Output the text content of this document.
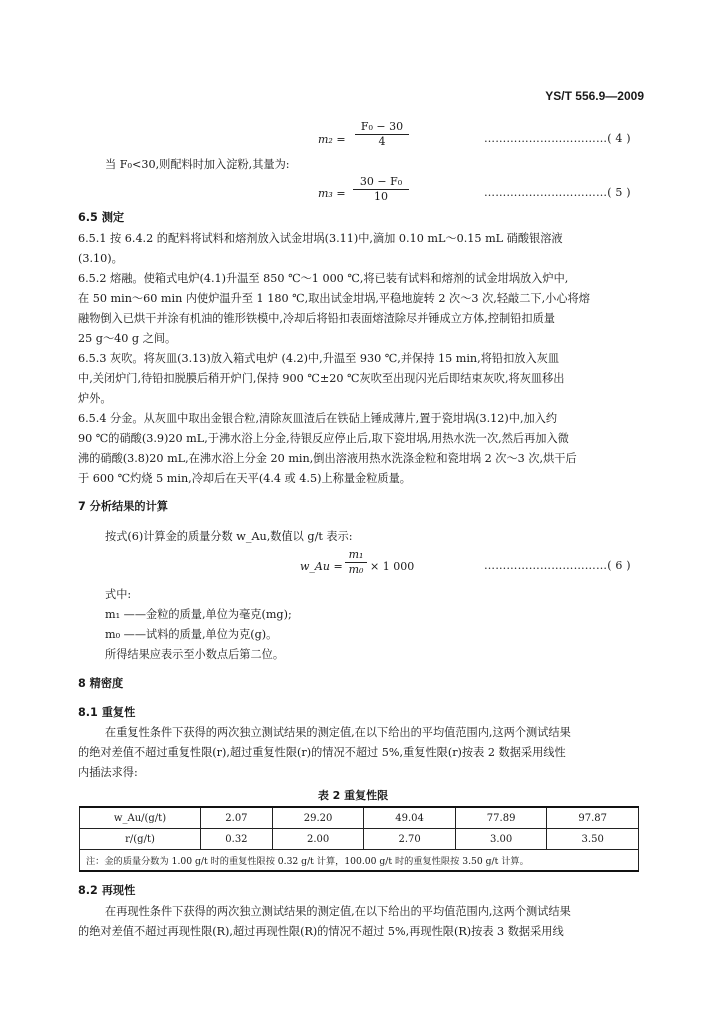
YS/T 556.9—2009
$m_2 = \frac{\text{F₀ − 30}}{4}$	……………………………( 4 )
当 F₀<30,则配料时加入淀粉,其量为:
$m_3 = \frac{\text{30 − F₀}}{10}$	……………………………( 5 )
6.5 测定
6.5.1 按 6.4.2 的配料将试料和熔剂放入试金坩埚(3.11)中,滴加 0.10 mL～0.15 mL 硝酸银溶液
(3.10)。
6.5.2 熔融。使箱式电炉(4.1)升温至 850 ℃～1 000 ℃,将已装有试料和熔剂的试金坩埚放入炉中,
在 50 min～60 min 内使炉温升至 1 180 ℃,取出试金坩埚,平稳地旋转 2 次～3 次,轻敲二下,小心将熔
融物倒入已烘干并涂有机油的锥形铁模中,冷却后将铅扣表面熔渣除尽并锤成立方体,控制铅扣质量
25 g～40 g 之间。
6.5.3 灰吹。将灰皿(3.13)放入箱式电炉 (4.2)中,升温至 930 ℃,并保持 15 min,将铅扣放入灰皿
中,关闭炉门,待铅扣脱膜后稍开炉门,保持 900 ℃±20 ℃灰吹至出现闪光后即结束灰吹,将灰皿移出
炉外。
6.5.4 分金。从灰皿中取出金银合粒,清除灰皿渣后在铁砧上锤成薄片,置于瓷坩埚(3.12)中,加入约
90 ℃的硝酸(3.9)20 mL,于沸水浴上分金,待银反应停止后,取下瓷坩埚,用热水洗一次,然后再加入微
沸的硝酸(3.8)20 mL,在沸水浴上分金 20 min,倒出溶液用热水洗涤金粒和瓷坩埚 2 次～3 次,烘干后
于 600 ℃灼烧 5 min,冷却后在天平(4.4 或 4.5)上称量金粒质量。
7 分析结果的计算
按式(6)计算金的质量分数 w_Au,数值以 g/t 表示:
w_Au = $\frac{\text{m₁}}{\text{m₀}} \times 1$ 000	……………………………( 6 )
式中:
m₁ ——金粒的质量,单位为毫克(mg);
m₀ ——试料的质量,单位为克(g)。
所得结果应表示至小数点后第二位。
8 精密度
8.1 重复性
在重复性条件下获得的两次独立测试结果的测定值,在以下给出的平均值范围内,这两个测试结果
的绝对差值不超过重复性限(r),超过重复性限(r)的情况不超过 5%,重复性限(r)按表 2 数据采用线性
内插法求得:
表 2 重复性限
w_Au/(g/t)	2.07	29.20	49.04	77.89	97.87
r/(g/t)	0.32	2.00	2.70	3.00	3.50
注：金的质量分数为 1.00 g/t 时的重复性限按 0.32 g/t 计算，100.00 g/t 时的重复性限按 3.50 g/t 计算。					
8.2 再现性
在再现性条件下获得的两次独立测试结果的测定值,在以下给出的平均值范围内,这两个测试结果
的绝对差值不超过再现性限(R),超过再现性限(R)的情况不超过 5%,再现性限(R)按表 3 数据采用线
